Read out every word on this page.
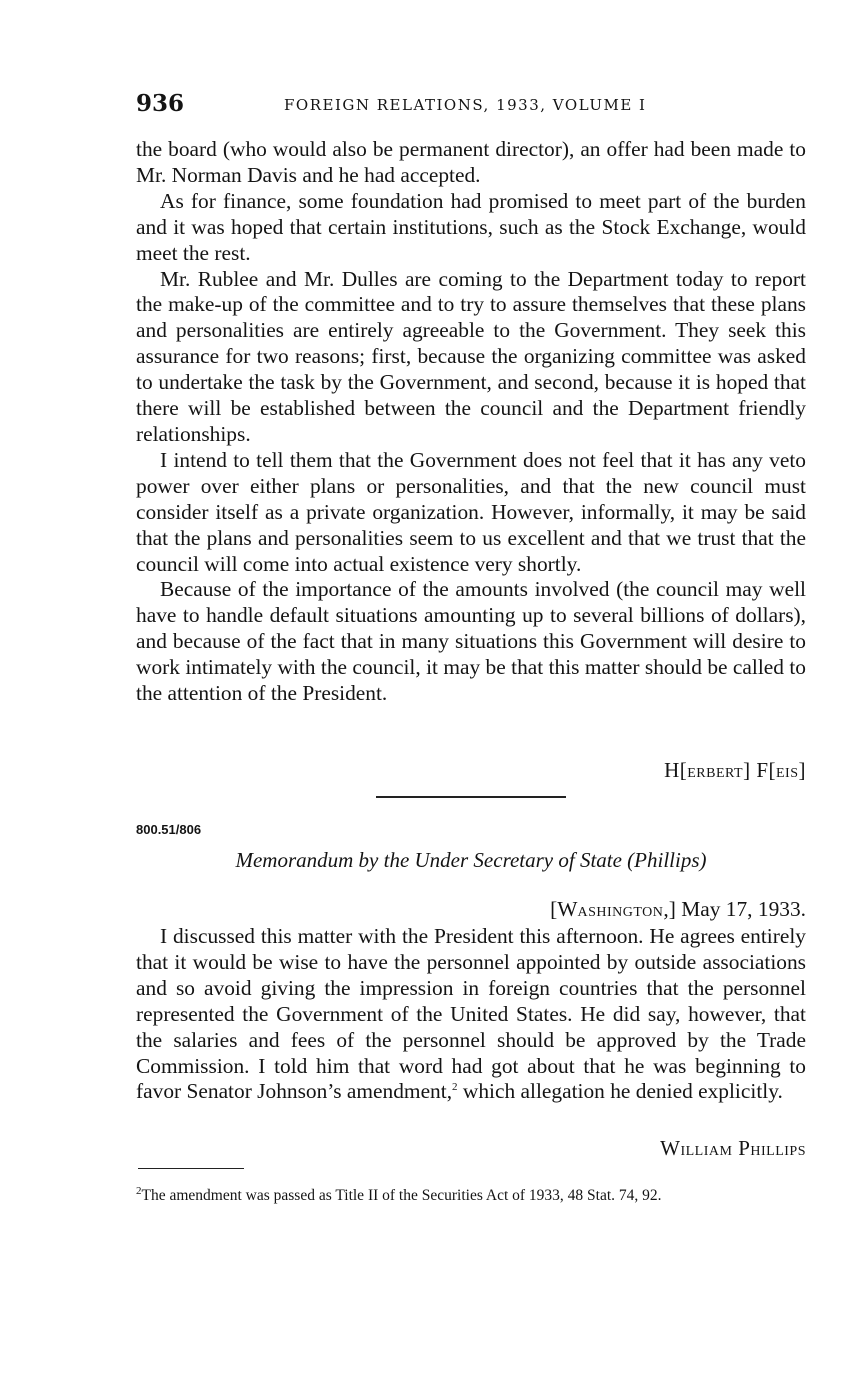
936	FOREIGN RELATIONS, 1933, VOLUME I

the board (who would also be permanent director), an offer had been made to Mr. Norman Davis and he had accepted.

As for finance, some foundation had promised to meet part of the burden and it was hoped that certain institutions, such as the Stock Exchange, would meet the rest.

Mr. Rublee and Mr. Dulles are coming to the Department today to report the make-up of the committee and to try to assure themselves that these plans and personalities are entirely agreeable to the Government. They seek this assurance for two reasons; first, because the organizing committee was asked to undertake the task by the Government, and second, because it is hoped that there will be established between the council and the Department friendly relationships.

I intend to tell them that the Government does not feel that it has any veto power over either plans or personalities, and that the new council must consider itself as a private organization. However, informally, it may be said that the plans and personalities seem to us excellent and that we trust that the council will come into actual existence very shortly.

Because of the importance of the amounts involved (the council may well have to handle default situations amounting up to several billions of dollars), and because of the fact that in many situations this Government will desire to work intimately with the council, it may be that this matter should be called to the attention of the President.

H[ERBERT] F[EIS]
800.51/806
Memorandum by the Under Secretary of State (Phillips)
[WASHINGTON,] May 17, 1933.

I discussed this matter with the President this afternoon. He agrees entirely that it would be wise to have the personnel appointed by outside associations and so avoid giving the impression in foreign countries that the personnel represented the Government of the United States. He did say, however, that the salaries and fees of the personnel should be approved by the Trade Commission. I told him that word had got about that he was beginning to favor Senator Johnson’s amendment,$^2$ which allegation he denied explicitly.

WILLIAM PHILLIPS
$^2$The amendment was passed as Title II of the Securities Act of 1933, 48 Stat. 74, 92.
